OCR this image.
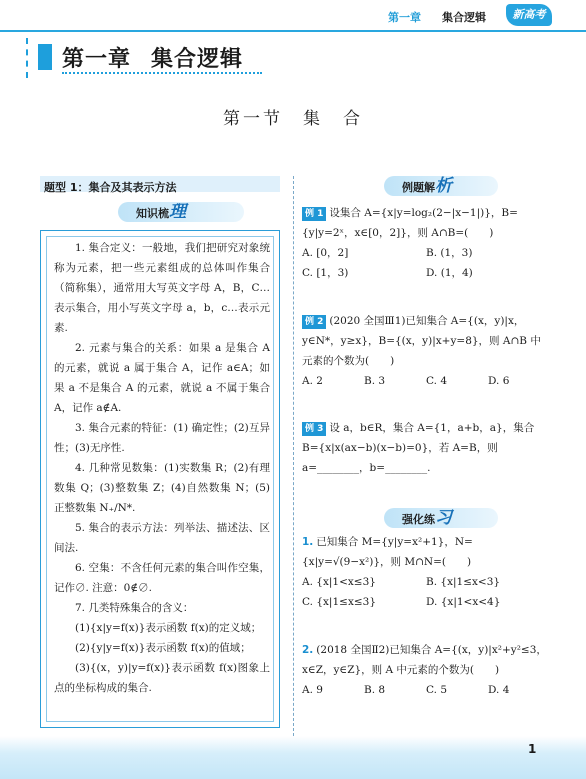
第一章 集合逻辑	新高考
第一章 集合逻辑
第一节　集　合
题型 1：集合及其表示方法
知识梳理

1. 集合定义：一般地，我们把研究对象统称为元素，把一些元素组成的总体叫作集合（简称集），通常用大写英文字母 A，B，C…表示集合，用小写英文字母 a，b，c…表示元素.

2. 元素与集合的关系：如果 a 是集合 A 的元素，就说 a 属于集合 A，记作 a∈A；如果 a 不是集合 A 的元素，就说 a 不属于集合 A，记作 a∉A.

3. 集合元素的特征：(1) 确定性；(2)互异性；(3)无序性.

4. 几种常见数集：(1)实数集 R；(2)有理数集 Q；(3)整数集 Z；(4)自然数集 N；(5)正整数集 N₊/N*.

5. 集合的表示方法：列举法、描述法、区间法.

6. 空集：不含任何元素的集合叫作空集，记作∅. 注意：0∉∅.

7. 几类特殊集合的含义：

(1){x|y=f(x)}表示函数 f(x)的定义域；

(2){y|y=f(x)}表示函数 f(x)的值域；

(3){(x，y)|y=f(x)}表示函数 f(x)图象上点的坐标构成的集合.

例题解析

例 1 设集合 A={x|y=log₂(2−|x−1|)}，B={y|y=2ˣ，x∈[0，2]}，则 A∩B=(　　)

A. [0，2]	B. (1，3)
C. [1，3)	D. (1，4)

例 2 (2020 全国Ⅲ1)已知集合 A={(x，y)|x，y∈N*，y≥x}，B={(x，y)|x+y=8}，则 A∩B 中元素的个数为(　　)

A. 2	B. 3	C. 4	D. 6

例 3 设 a，b∈R，集合 A={1，a+b，a}，集合 B={x|x(ax−b)(x−b)=0}，若 A=B，则 a=________，b=________.

强化练习

1. 已知集合 M={y|y=x²+1}，N={x|y=√(9−x²)}，则 M∩N=(　　)

A. {x|1<x≤3}	B. {x|1≤x<3}
C. {x|1≤x≤3}	D. {x|1<x<4}

2. (2018 全国Ⅱ2)已知集合 A={(x，y)|x²+y²≤3，x∈Z，y∈Z}，则 A 中元素的个数为(　　)

A. 9	B. 8	C. 5	D. 4
1
